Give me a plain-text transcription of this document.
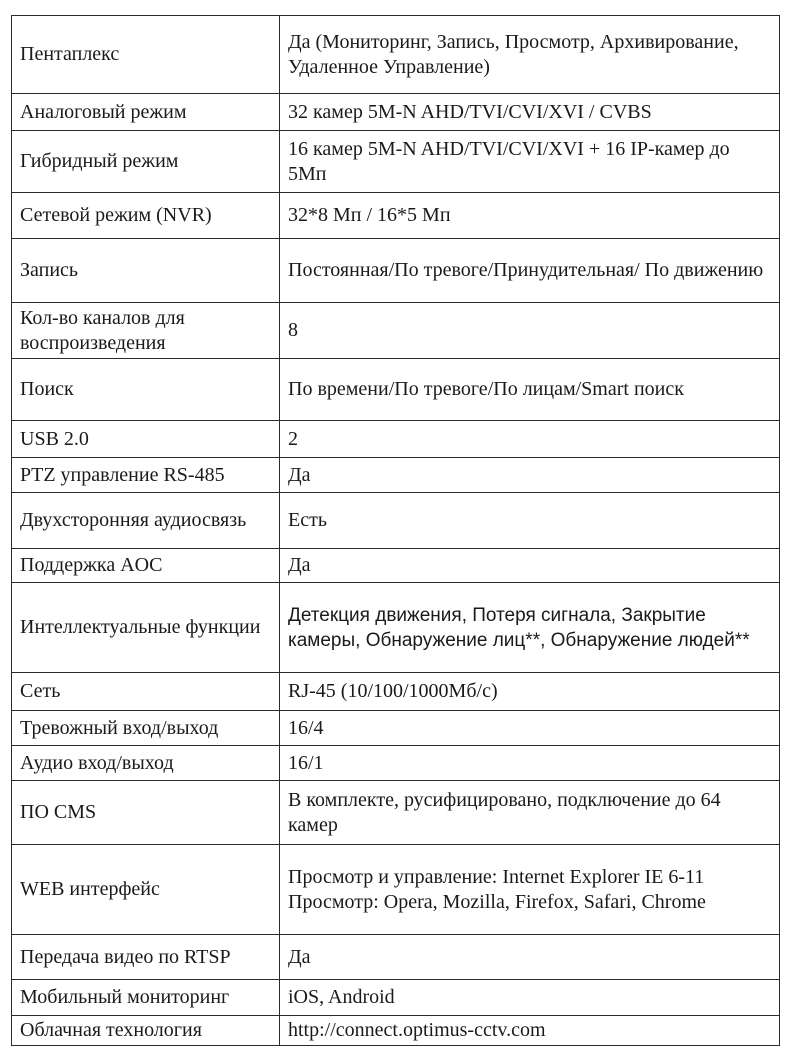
Пентаплекс	Да (Мониторинг, Запись, Просмотр, Архивирование, Удаленное Управление)
Аналоговый режим	32 камер 5M-N AHD/TVI/CVI/XVI / CVBS
Гибридный режим	16 камер 5M-N AHD/TVI/CVI/XVI + 16 IP-камер до 5Мп
Сетевой режим (NVR)	32*8 Мп / 16*5 Мп
Запись	Постоянная/По тревоге/Принудительная/ По движению
Кол-во каналов для воспроизведения	8
Поиск	По времени/По тревоге/По лицам/Smart поиск
USB 2.0	2
PTZ управление RS-485	Да
Двухсторонняя аудиосвязь	Есть
Поддержка AOC	Да
Интеллектуальные функции	Детекция движения, Потеря сигнала, Закрытие камеры, Обнаружение лиц**, Обнаружение людей**
Сеть	RJ-45 (10/100/1000Мб/с)
Тревожный вход/выход	16/4
Аудио вход/выход	16/1
ПО CMS	В комплекте, русифицировано, подключение до 64 камер
WEB интерфейс	Просмотр и управление: Internet Explorer IE 6-11 Просмотр: Opera, Mozilla, Firefox, Safari, Chrome
Передача видео по RTSP	Да
Мобильный мониторинг	iOS, Android
Облачная технология	http://connect.optimus-cctv.com
